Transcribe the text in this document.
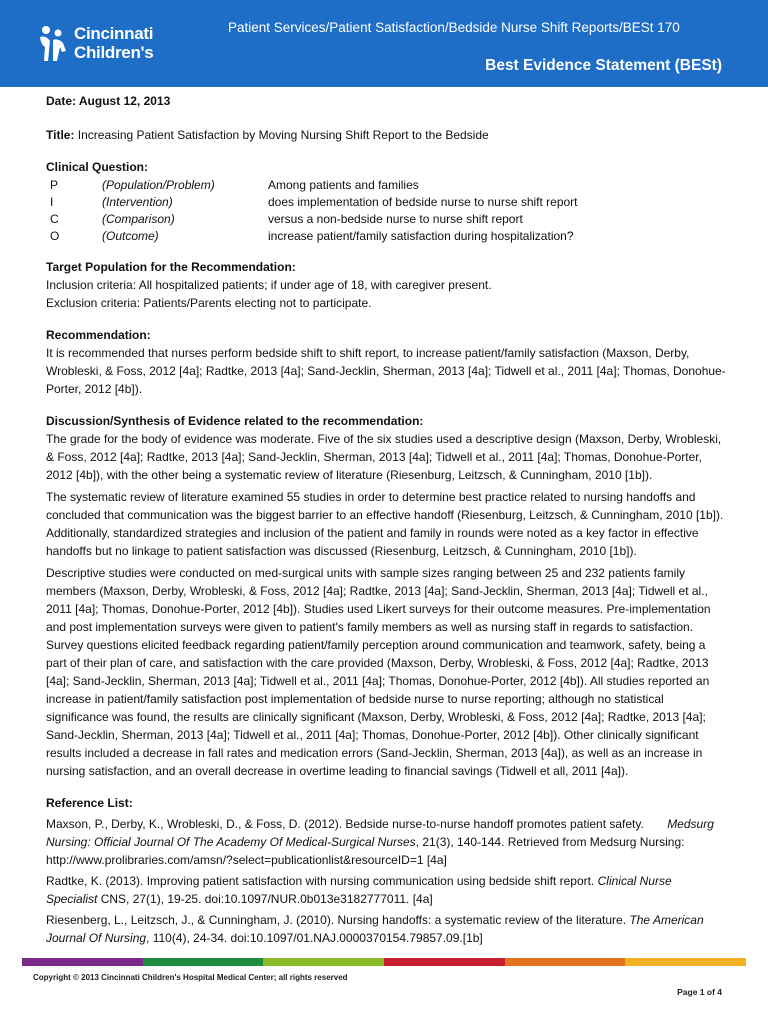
Cincinnati
Children's
Patient Services/Patient Satisfaction/Bedside Nurse Shift Reports/BESt 170
Best Evidence Statement (BESt)
Date: August 12, 2013
Title: Increasing Patient Satisfaction by Moving Nursing Shift Report to the Bedside
Clinical Question:
P	(Population/Problem)	Among patients and families
I	(Intervention)	does implementation of bedside nurse to nurse shift report
C	(Comparison)	versus a non-bedside nurse to nurse shift report
O	(Outcome)	increase patient/family satisfaction during hospitalization?
Target Population for the Recommendation:

Inclusion criteria: All hospitalized patients; if under age of 18, with caregiver present.

Exclusion criteria: Patients/Parents electing not to participate.

Recommendation:

It is recommended that nurses perform bedside shift to shift report, to increase patient/family satisfaction (Maxson, Derby, Wrobleski, & Foss, 2012 [4a]; Radtke, 2013 [4a]; Sand-Jecklin, Sherman, 2013 [4a]; Tidwell et al., 2011 [4a]; Thomas, Donohue-Porter, 2012 [4b]).

Discussion/Synthesis of Evidence related to the recommendation:

The grade for the body of evidence was moderate. Five of the six studies used a descriptive design (Maxson, Derby, Wrobleski, & Foss, 2012 [4a]; Radtke, 2013 [4a]; Sand-Jecklin, Sherman, 2013 [4a]; Tidwell et al., 2011 [4a]; Thomas, Donohue-Porter, 2012 [4b]), with the other being a systematic review of literature (Riesenburg, Leitzsch, & Cunningham, 2010 [1b]).

The systematic review of literature examined 55 studies in order to determine best practice related to nursing handoffs and concluded that communication was the biggest barrier to an effective handoff (Riesenburg, Leitzsch, & Cunningham, 2010 [1b]). Additionally, standardized strategies and inclusion of the patient and family in rounds were noted as a key factor in effective handoffs but no linkage to patient satisfaction was discussed (Riesenburg, Leitzsch, & Cunningham, 2010 [1b]).

Descriptive studies were conducted on med-surgical units with sample sizes ranging between 25 and 232 patients family members (Maxson, Derby, Wrobleski, & Foss, 2012 [4a]; Radtke, 2013 [4a]; Sand-Jecklin, Sherman, 2013 [4a]; Tidwell et al., 2011 [4a]; Thomas, Donohue-Porter, 2012 [4b]). Studies used Likert surveys for their outcome measures. Pre-implementation and post implementation surveys were given to patient's family members as well as nursing staff in regards to satisfaction. Survey questions elicited feedback regarding patient/family perception around communication and teamwork, safety, being a part of their plan of care, and satisfaction with the care provided (Maxson, Derby, Wrobleski, & Foss, 2012 [4a]; Radtke, 2013 [4a]; Sand-Jecklin, Sherman, 2013 [4a]; Tidwell et al., 2011 [4a]; Thomas, Donohue-Porter, 2012 [4b]). All studies reported an increase in patient/family satisfaction post implementation of bedside nurse to nurse reporting; although no statistical significance was found, the results are clinically significant (Maxson, Derby, Wrobleski, & Foss, 2012 [4a]; Radtke, 2013 [4a]; Sand-Jecklin, Sherman, 2013 [4a]; Tidwell et al., 2011 [4a]; Thomas, Donohue-Porter, 2012 [4b]). Other clinically significant results included a decrease in fall rates and medication errors (Sand-Jecklin, Sherman, 2013 [4a]), as well as an increase in nursing satisfaction, and an overall decrease in overtime leading to financial savings (Tidwell et all, 2011 [4a]).

Reference List:

Maxson, P., Derby, K., Wrobleski, D., & Foss, D. (2012). Bedside nurse-to-nurse handoff promotes patient safety. Medsurg Nursing: Official Journal Of The Academy Of Medical-Surgical Nurses, 21(3), 140-144. Retrieved from Medsurg Nursing: http://www.prolibraries.com/amsn/?select=publicationlist&resourceID=1 [4a]

Radtke, K. (2013). Improving patient satisfaction with nursing communication using bedside shift report. Clinical Nurse Specialist CNS, 27(1), 19-25. doi:10.1097/NUR.0b013e3182777011. [4a]

Riesenberg, L., Leitzsch, J., & Cunningham, J. (2010). Nursing handoffs: a systematic review of the literature. The American Journal Of Nursing, 110(4), 24-34. doi:10.1097/01.NAJ.0000370154.79857.09.[1b]

Copyright © 2013 Cincinnati Children's Hospital Medical Center; all rights reserved
Page 1 of 4
